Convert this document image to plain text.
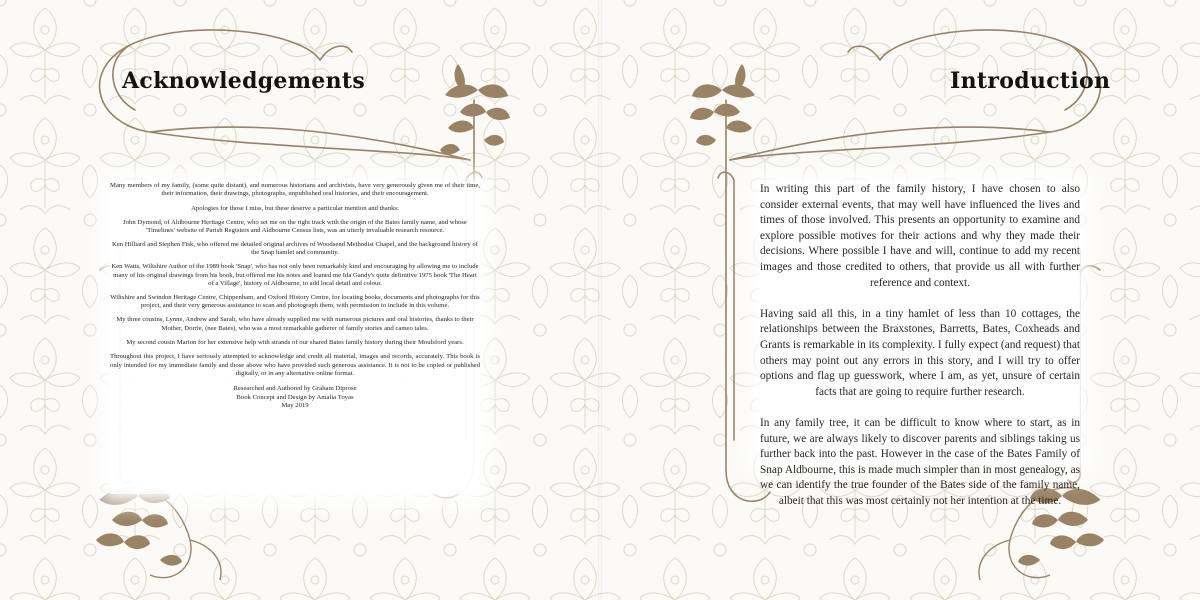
Acknowledgements

Many members of my family, (some quite distant), and numerous historians and archivists, have very generously given me of their time, their information, their drawings, photographs, unpublished oral histories, and their encouragement.

Apologies for those I miss, but these deserve a particular mention and thanks:

John Dymond, of Aldbourne Heritage Centre, who set me on the right track with the origin of the Bates family name, and whose 'Timelines' website of Parish Registers and Aldbourne Census lists, was an utterly invaluable research resource.

Ken Hilliard and Stephen Fisk, who offered me detailed original archives of Woodsend Methodist Chapel, and the background history of the Snap hamlet and community.

Ken Watts, Wiltshire Author of the 1989 book 'Snap', who has not only been remarkably kind and encouraging by allowing me to include many of his original drawings from his book, but offered me his notes and loaned me Ida Gandy's quite definitive 1975 book 'The Heart of a Village', history of Aldbourne, to add local detail and colour.

Wiltshire and Swindon Heritage Centre, Chippenham, and Oxford History Centre, for locating books, documents and photographs for this project, and their very generous assistance to scan and photograph them, with permission to include in this volume.

My three cousins, Lynne, Andrew and Sarah, who have already supplied me with numerous pictures and oral histories, thanks to their Mother, Dorrie, (nee Bates), who was a most remarkable gatherer of family stories and cameo tales.

My second cousin Marion for her extensive help with strands of our shared Bates family history during their Moulsford years.

Throughout this project, I have seriously attempted to acknowledge and credit all material, images and records, accurately. This book is only intended for my immediate family and those above who have provided such generous assistance. It is not to be copied or published digitally, or in any alternative online format.

Researched and Authored by Graham Diprose

Book Concept and Design by Amalia Toyas

May 2019

Introduction

In writing this part of the family history, I have chosen to also consider external events, that may well have influenced the lives and times of those involved. This presents an opportunity to examine and explore possible motives for their actions and why they made their decisions. Where possible I have and will, continue to add my recent images and those credited to others, that provide us all with further reference and context.

Having said all this, in a tiny hamlet of less than 10 cottages, the relationships between the Braxstones, Barretts, Bates, Coxheads and Grants is remarkable in its complexity. I fully expect (and request) that others may point out any errors in this story, and I will try to offer options and flag up guesswork, where I am, as yet, unsure of certain facts that are going to require further research.

In any family tree, it can be difficult to know where to start, as in future, we are always likely to discover parents and siblings taking us further back into the past. However in the case of the Bates Family of Snap Aldbourne, this is made much simpler than in most genealogy, as we can identify the true founder of the Bates side of the family name, albeit that this was most certainly not her intention at the time.
